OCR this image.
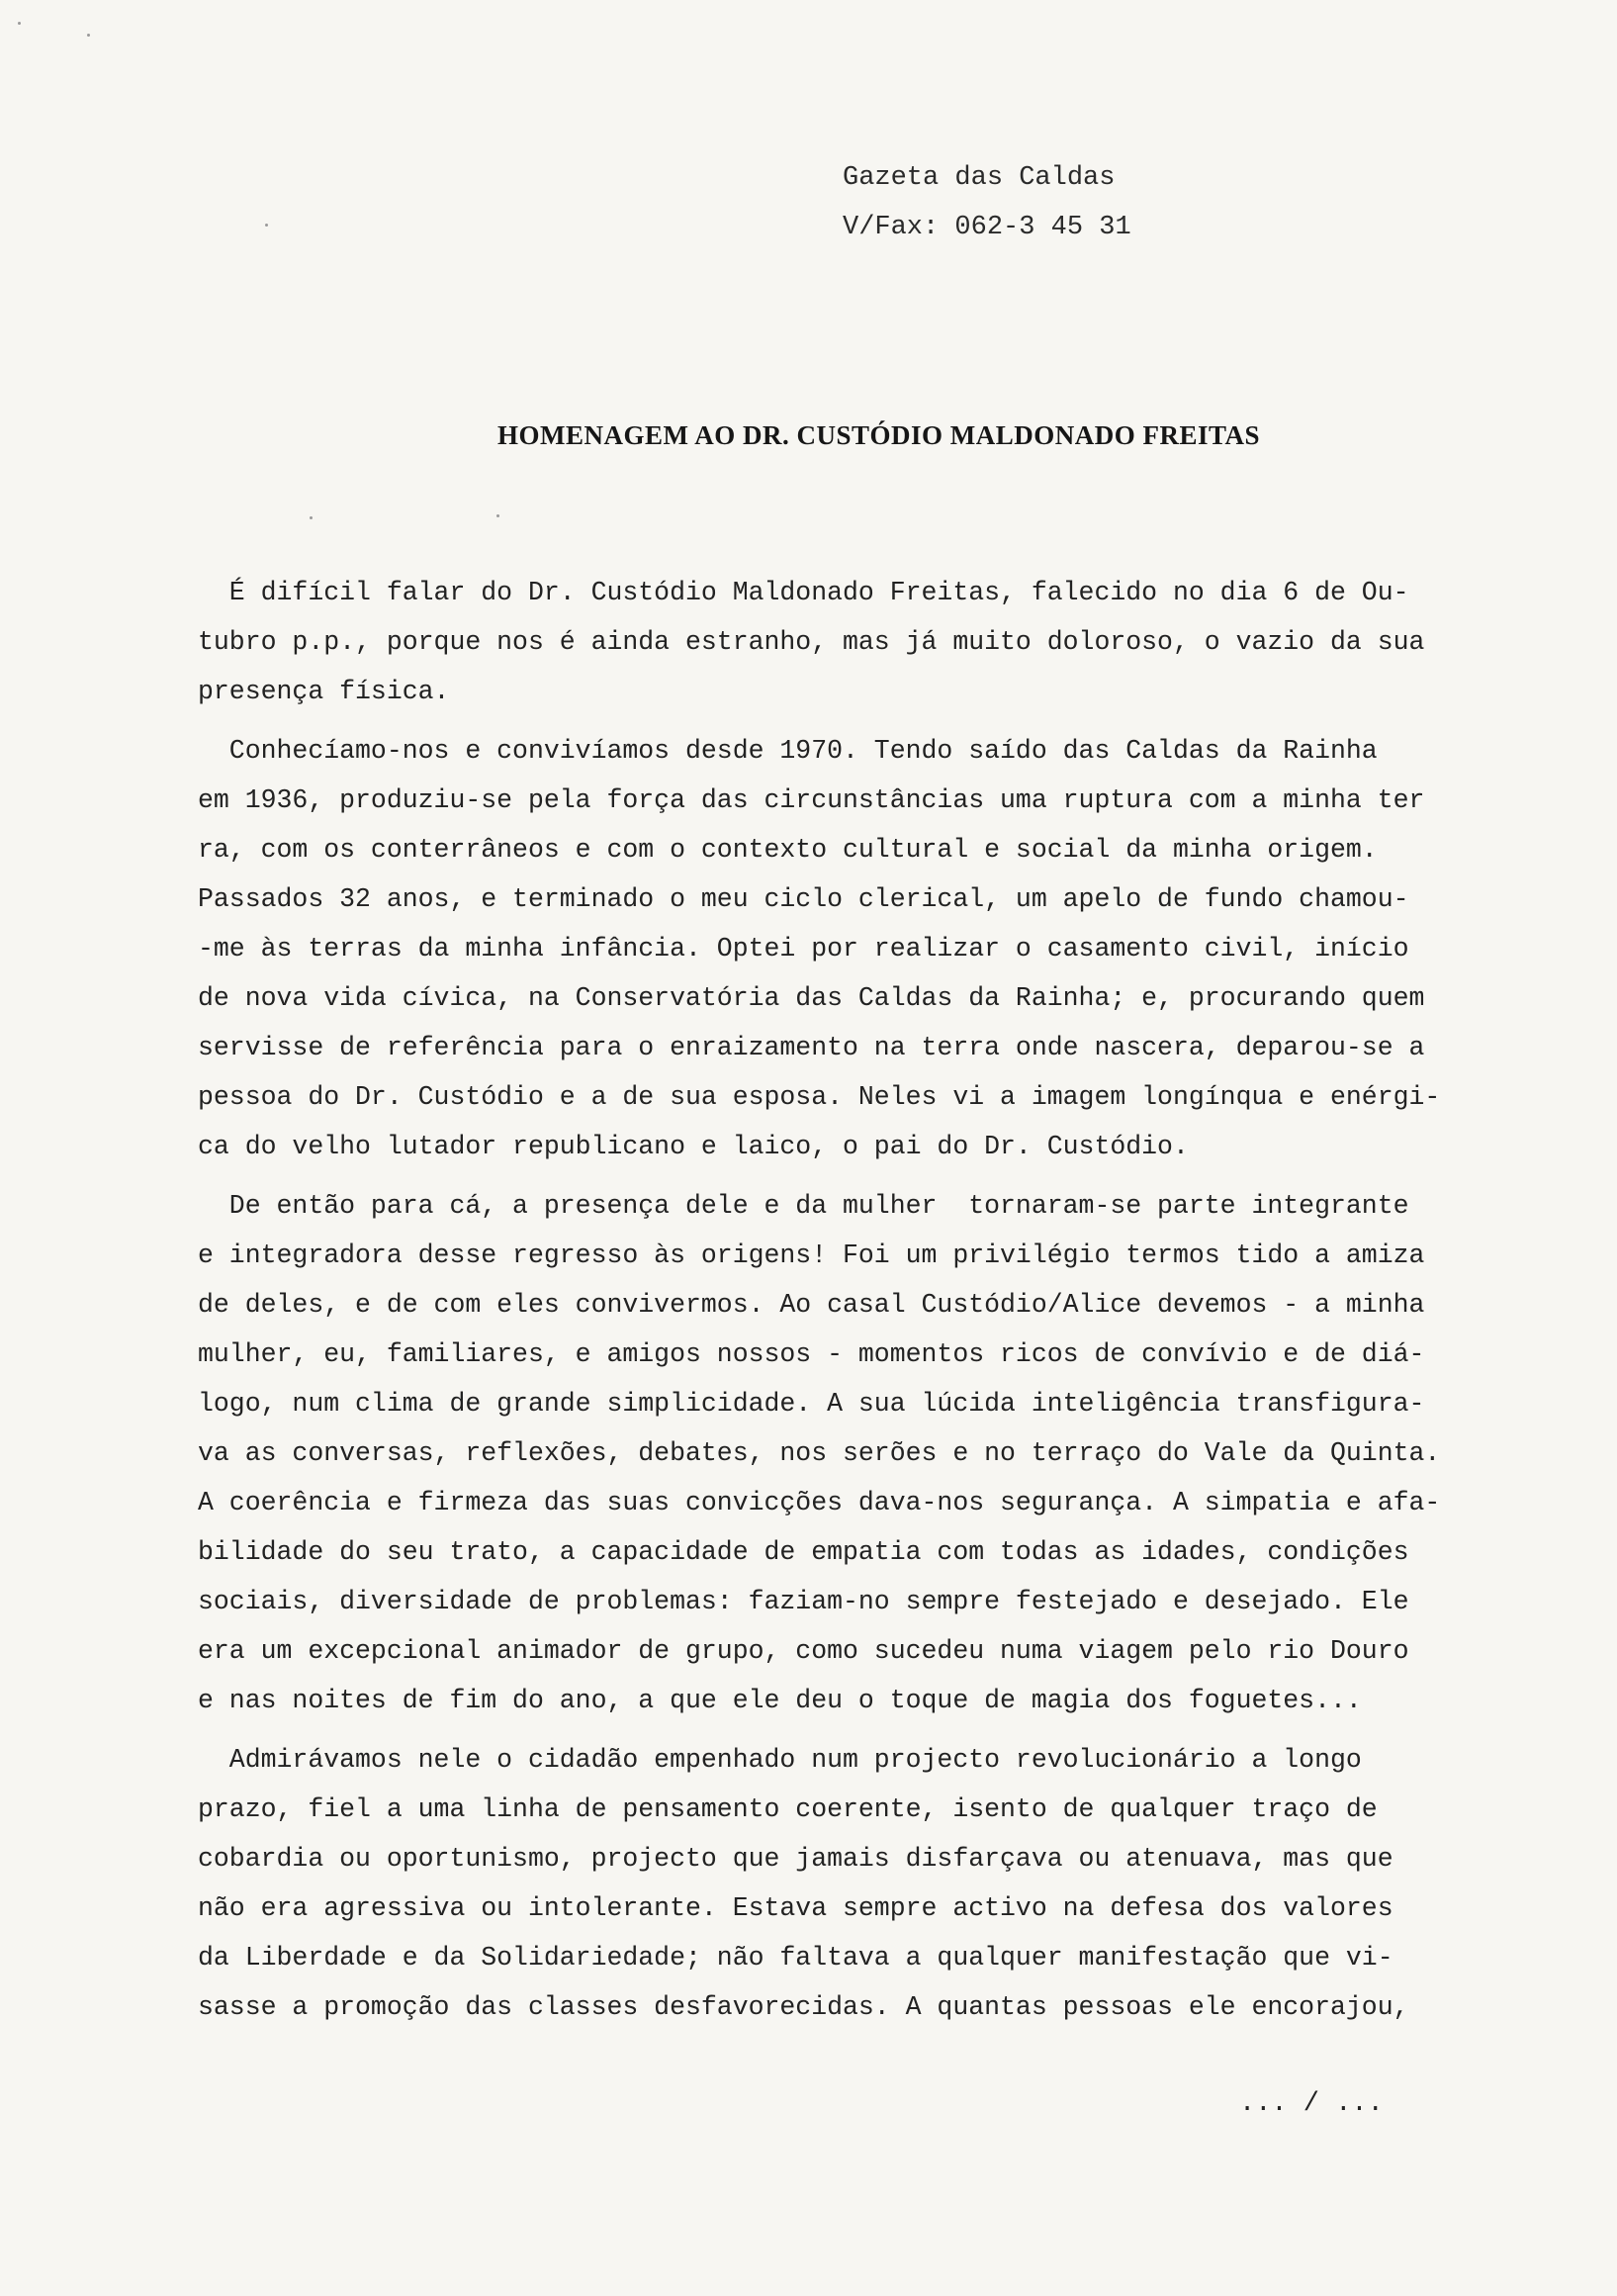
Gazeta das Caldas
V/Fax: 062-3 45 31
HOMENAGEM AO DR. CUSTÓDIO MALDONADO FREITAS
É difícil falar do Dr. Custódio Maldonado Freitas, falecido no dia 6 de Ou-
tubro p.p., porque nos é ainda estranho, mas já muito doloroso, o vazio da sua
presença física.
Conhecíamo-nos e convivíamos desde 1970. Tendo saído das Caldas da Rainha
em 1936, produziu-se pela força das circunstâncias uma ruptura com a minha ter
ra, com os conterrâneos e com o contexto cultural e social da minha origem.
Passados 32 anos, e terminado o meu ciclo clerical, um apelo de fundo chamou-
-me às terras da minha infância. Optei por realizar o casamento civil, início
de nova vida cívica, na Conservatória das Caldas da Rainha; e, procurando quem
servisse de referência para o enraizamento na terra onde nascera, deparou-se a
pessoa do Dr. Custódio e a de sua esposa. Neles vi a imagem longínqua e enérgi-
ca do velho lutador republicano e laico, o pai do Dr. Custódio.
De então para cá, a presença dele e da mulher  tornaram-se parte integrante
e integradora desse regresso às origens! Foi um privilégio termos tido a amiza
de deles, e de com eles convivermos. Ao casal Custódio/Alice devemos - a minha
mulher, eu, familiares, e amigos nossos - momentos ricos de convívio e de diá-
logo, num clima de grande simplicidade. A sua lúcida inteligência transfigura-
va as conversas, reflexões, debates, nos serões e no terraço do Vale da Quinta.
A coerência e firmeza das suas convicções dava-nos segurança. A simpatia e afa-
bilidade do seu trato, a capacidade de empatia com todas as idades, condições
sociais, diversidade de problemas: faziam-no sempre festejado e desejado. Ele
era um excepcional animador de grupo, como sucedeu numa viagem pelo rio Douro
e nas noites de fim do ano, a que ele deu o toque de magia dos foguetes...
Admirávamos nele o cidadão empenhado num projecto revolucionário a longo
prazo, fiel a uma linha de pensamento coerente, isento de qualquer traço de
cobardia ou oportunismo, projecto que jamais disfarçava ou atenuava, mas que
não era agressiva ou intolerante. Estava sempre activo na defesa dos valores
da Liberdade e da Solidariedade; não faltava a qualquer manifestação que vi-
sasse a promoção das classes desfavorecidas. A quantas pessoas ele encorajou,
... / ...
